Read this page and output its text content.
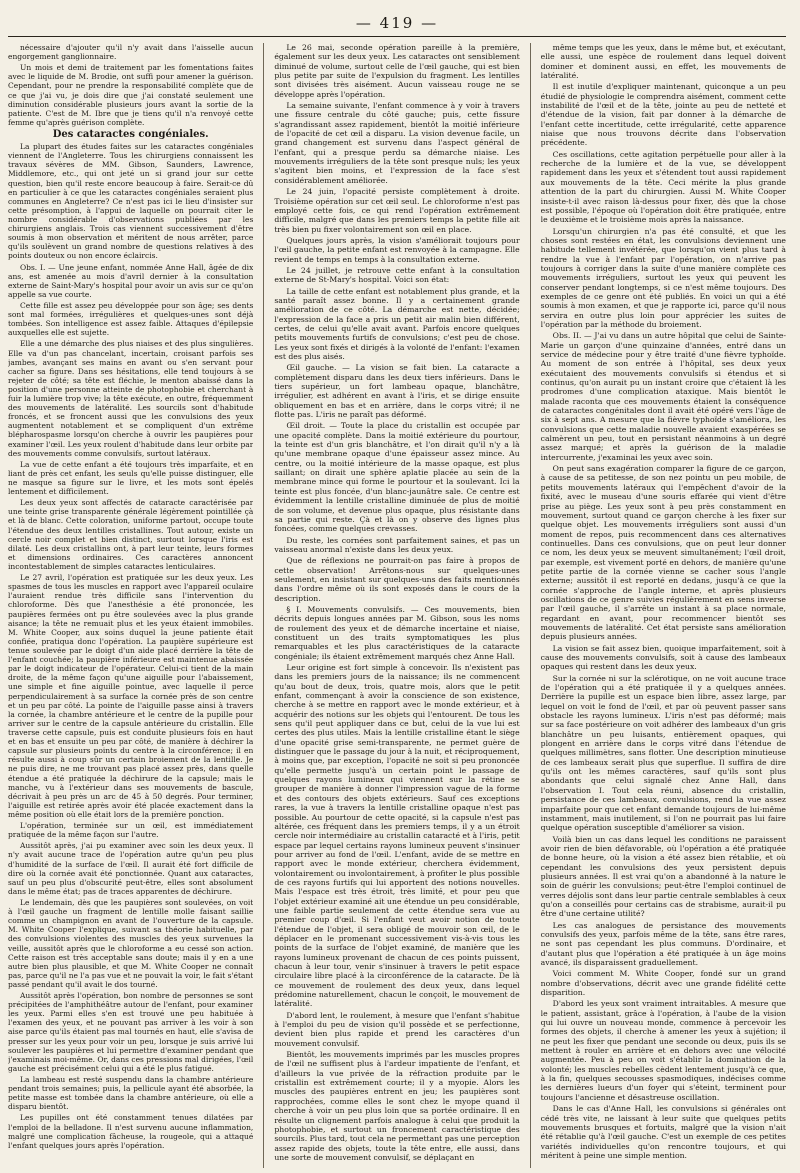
— 419 —

nécessaire d'ajouter qu'il n'y avait dans l'aisselle aucun engorgement ganglionnaire.

Un mois et demi de traitement par les fomentations faites avec le liquide de M. Brodie, ont suffi pour amener la guérison. Cependant, pour ne prendre la responsabilité complète que de ce que j'ai vu, je dois dire que j'ai constaté seulement une diminution considérable plusieurs jours avant la sortie de la patiente. C'est de M. Ibre que je tiens qu'il n'a renvoyé cette femme qu'après guérison complète.

Des cataractes congéniales.

La plupart des études faites sur les cataractes congéniales viennent de l'Angleterre. Tous les chirurgiens connaissent les travaux sévères de MM. Gibson, Saunders, Lawrence, Middlemore, etc., qui ont jeté un si grand jour sur cette question, bien qu'il reste encore beaucoup à faire. Serait-ce dû en particulier à ce que les cataractes congéniales seraient plus communes en Angleterre? Ce n'est pas ici le lieu d'insister sur cette présomption, à l'appui de laquelle on pourrait citer le nombre considérable d'observations publiées par les chirurgiens anglais. Trois cas viennent successivement d'être soumis à mon observation et méritent de nous arrêter, parce qu'ils soulèvent un grand nombre de questions relatives à des points douteux ou non encore éclaircis.

Obs. I. — Une jeune enfant, nommée Anne Hall, âgée de dix ans, est amenée au mois d'avril dernier à la consultation externe de Saint-Mary's hospital pour avoir un avis sur ce qu'on appelle sa vue courte.

Cette fille est assez peu développée pour son âge; ses dents sont mal formées, irrégulières et quelques-unes sont déjà tombées. Son intelligence est assez faible. Attaques d'épilepsie auxquelles elle est sujette.

Elle a une démarche des plus niaises et des plus singulières. Elle va d'un pas chancelant, incertain, croisant parfois ses jambes, avançant ses mains en avant ou s'en servant pour cacher sa figure. Dans ses hésitations, elle tend toujours à se rejeter de côté; sa tête est fléchie, le menton abaissé dans la position d'une personne atteinte de photophobie et cherchant à fuir la lumière trop vive; la tête exécute, en outre, fréquemment des mouvements de latéralité. Les sourcils sont d'habitude froncés, et se froncent aussi que les convulsions des yeux augmentent notablement et se compliquent d'un extrême blépharospasme lorsqu'on cherche à ouvrir les paupières pour examiner l'œil. Les yeux roulent d'habitude dans leur orbite par des mouvements comme convulsifs, surtout latéraux.

La vue de cette enfant a été toujours très imparfaite, et en liant de près cet enfant, les seuls qu'elle puisse distinguer, elle ne masque sa figure sur le livre, et les mots sont épelés lentement et difficilement.

Les deux yeux sont affectés de cataracte caractérisée par une teinte grise transparente générale légèrement pointillée çà et là de blanc. Cette coloration, uniforme partout, occupe toute l'étendue des deux lentilles cristallines. Tout autour, existe un cercle noir complet et bien distinct, surtout lorsque l'iris est dilaté. Les deux cristallins ont, à part leur teinte, leurs formes et dimensions ordinaires. Ces caractères annoncent incontestablement de simples cataractes lenticulaires.

Le 27 avril, l'opération est pratiquée sur les deux yeux. Les spasmes de tous les muscles en rapport avec l'appareil oculaire l'auraient rendue très difficile sans l'intervention du chloroforme. Dès que l'anesthésie a été prononcée, les paupières fermées ont pu être soulevées avec la plus grande aisance; la tête ne remuait plus et les yeux étaient immobiles. M. White Cooper, aux soins duquel la jeune patiente était confiée, pratiqua donc l'opération. La paupière supérieure est tenue soulevée par le doigt d'un aide placé derrière la tête de l'enfant couchée; la paupière inférieure est maintenue abaissée par le doigt indicateur de l'opérateur. Celui-ci tient de la main droite, de la même façon qu'une aiguille pour l'abaissement, une simple et fine aiguille pointue, avec laquelle il perce perpendiculairement à sa surface la cornée près de son centre et un peu par côté. La pointe de l'aiguille passe ainsi à travers la cornée, la chambre antérieure et le centre de la pupille pour arriver sur le centre de la capsule antérieure du cristallin. Elle traverse cette capsule, puis est conduite plusieurs fois en haut et en bas et ensuite un peu par côté, de manière à déchirer la capsule sur plusieurs points du centre à la circonférence; il en résulte aussi à coup sûr un certain broiement de la lentille. Je ne puis dire, ne me trouvant pas placé assez près, dans quelle étendue a été pratiquée la déchirure de la capsule; mais le manche, vu à l'extérieur dans ses mouvements de bascule, décrivait à peu près un arc de 45 à 50 degrés. Pour terminer, l'aiguille est retirée après avoir été placée exactement dans la même position où elle était lors de la première ponction.

L'opération, terminée sur un œil, est immédiatement pratiquée de la même façon sur l'autre.

Aussitôt après, j'ai pu examiner avec soin les deux yeux. Il n'y avait aucune trace de l'opération autre qu'un peu plus d'humidité de la surface de l'œil. Il aurait été fort difficile de dire où la cornée avait été ponctionnée. Quant aux cataractes, sauf un peu plus d'obscurité peut-être, elles sont absolument dans le même état; pas de traces apparentes de déchirure.

Le lendemain, dès que les paupières sont soulevées, on voit à l'œil gauche un fragment de lentille molle faisant saillie comme un champignon en avant de l'ouverture de la capsule. M. White Cooper l'explique, suivant sa théorie habituelle, par des convulsions violentes des muscles des yeux survenues la veille, aussitôt après que le chloroforme a eu cessé son action. Cette raison est très acceptable sans doute; mais il y en a une autre bien plus plausible, et que M. White Cooper ne connaît pas, parce qu'il ne l'a pas vue et ne pouvait la voir, le fait s'étant passé pendant qu'il avait le dos tourné.

Aussitôt après l'opération, bon nombre de personnes se sont précipitées de l'amphithéâtre autour de l'enfant, pour examiner les yeux. Parmi elles s'en est trouvé une peu habituée à l'examen des yeux, et ne pouvant pas arriver à les voir à son aise parce qu'ils étaient pas mal tournés en haut, elle s'avisa de presser sur les yeux pour voir un peu, lorsque je suis arrivé lui soulever les paupières et lui permettre d'examiner pendant que j'examinais moi-même. Or, dans ces pressions mal dirigées, l'œil gauche est précisément celui qui a été le plus fatigué.

La lambeau est resté suspendu dans la chambre antérieure pendant trois semaines; puis, la pellicule ayant été absorbée, la petite masse est tombée dans la chambre antérieure, où elle a disparu bientôt.

Les pupilles ont été constamment tenues dilatées par l'emploi de la belladone. Il n'est survenu aucune inflammation, malgré une complication fâcheuse, la rougeole, qui a attaqué l'enfant quelques jours après l'opération.

Le 26 mai, seconde opération pareille à la première, également sur les deux yeux. Les cataractes ont sensiblement diminué de volume, surtout celle de l'œil gauche, qui est bien plus petite par suite de l'expulsion du fragment. Les lentilles sont divisées très aisément. Aucun vaisseau rouge ne se développe après l'opération.

La semaine suivante, l'enfant commence à y voir à travers une fissure centrale du côté gauche; puis, cette fissure s'agrandissant assez rapidement, bientôt la moitié inférieure de l'opacité de cet œil a disparu. La vision devenue facile, un grand changement est survenu dans l'aspect général de l'enfant, qui a presque perdu sa démarche niaise. Les mouvements irréguliers de la tête sont presque nuls; les yeux s'agitent bien moins, et l'expression de la face s'est considérablement améliorée.

Le 24 juin, l'opacité persiste complètement à droite. Troisième opération sur cet œil seul. Le chloroforme n'est pas employé cette fois, ce qui rend l'opération extrêmement difficile, malgré que dans les premiers temps la petite fille ait très bien pu fixer volontairement son œil en place.

Quelques jours après, la vision s'améliorait toujours pour l'œil gauche, la petite enfant est renvoyée à la campagne. Elle revient de temps en temps à la consultation externe.

Le 24 juillet, je retrouve cette enfant à la consultation externe de St-Mary's hospital. Voici son état:

La taille de cette enfant est notablement plus grande, et la santé paraît assez bonne. Il y a certainement grande amélioration de ce côté. La démarche est nette, décidée; l'expression de la face a pris un petit air malin bien différent, certes, de celui qu'elle avait avant. Parfois encore quelques petits mouvements furtifs de convulsions; c'est peu de chose. Les yeux sont fixés et dirigés à la volonté de l'enfant: l'examen est des plus aisés.

Œil gauche. — La vision se fait bien. La cataracte a complètement disparu dans les deux tiers inférieurs. Dans le tiers supérieur, un fort lambeau opaque, blanchâtre, irrégulier, est adhérent en avant à l'iris, et se dirige ensuite obliquement en bas et en arrière, dans le corps vitré; il ne flotte pas. L'iris ne paraît pas déformé.

Œil droit. — Toute la place du cristallin est occupée par une opacité complète. Dans la moitié extérieure du pourtour, la teinte est d'un gris blanchâtre, et l'on dirait qu'il n'y a là qu'une membrane opaque d'une épaisseur assez mince. Au centre, ou la moitié intérieure de la masse opaque, est plus saillant; on dirait une sphère aplatie placée au sein de la membrane mince qui forme le pourtour et la soulevant. Ici la teinte est plus foncée, d'un blanc-jaunâtre sale. Ce centre est évidemment la lentille cristalline diminuée de plus de moitié de son volume, et devenue plus opaque, plus résistante dans sa partie qui reste. Çà et là on y observe des lignes plus foncées, comme quelques crevasses.

Du reste, les cornées sont parfaitement saines, et pas un vaisseau anormal n'existe dans les deux yeux.

Que de réflexions ne pourrait-on pas faire à propos de cette observation! Arrêtons-nous sur quelques-unes seulement, en insistant sur quelques-uns des faits mentionnés dans l'ordre même où ils sont exposés dans le cours de la description.

§ I. Mouvements convulsifs. — Ces mouvements, bien décrits depuis longues années par M. Gibson, sous les noms de roulement des yeux et de démarche incertaine et niaise, constituent un des traits symptomatiques les plus remarquables et les plus caractéristiques de la cataracte congéniale; ils étaient extrêmement marqués chez Anne Hall.

Leur origine est fort simple à concevoir. Ils n'existent pas dans les premiers jours de la naissance; ils ne commencent qu'au bout de deux, trois, quatre mois, alors que le petit enfant, commençant à avoir la conscience de son existence, cherche à se mettre en rapport avec le monde extérieur, et à acquérir des notions sur les objets qui l'entourent. De tous les sens qu'il peut appliquer dans ce but, celui de la vue lui est certes des plus utiles. Mais la lentille cristalline étant le siège d'une opacité grise semi-transparente, ne permet guère de distinguer que le passage du jour à la nuit, et réciproquement, à moins que, par exception, l'opacité ne soit si peu prononcée qu'elle permette jusqu'à un certain point le passage de quelques rayons lumineux qui viennent sur la rétine se grouper de manière à donner l'impression vague de la forme et des contours des objets extérieurs. Sauf ces exceptions rares, la vue à travers la lentille cristalline opaque n'est pas possible. Au pourtour de cette opacité, si la capsule n'est pas altérée, ces fréquent dans les premiers temps, il y a un étroit cercle noir intermédiaire au cristallin cataracté et à l'iris, petit espace par lequel certains rayons lumineux peuvent s'insinuer pour arriver au fond de l'œil. L'enfant, avide de se mettre en rapport avec le monde extérieur, cherchera évidemment, volontairement ou involontairement, à profiter le plus possible de ces rayons furtifs qui lui apportent des notions nouvelles. Mais l'espace est très étroit, très limité, et pour peu que l'objet extérieur examiné ait une étendue un peu considérable, une faible partie seulement de cette étendue sera vue au premier coup d'œil. Si l'enfant veut avoir notion de toute l'étendue de l'objet, il sera obligé de mouvoir son œil, de le déplacer en le promenant successivement vis-à-vis tous les points de la surface de l'objet examiné, de manière que les rayons lumineux provenant de chacun de ces points puissent, chacun à leur tour, venir s'insinuer à travers le petit espace circulaire libre placé à la circonférence de la cataracte. De là ce mouvement de roulement des deux yeux, dans lequel prédomine naturellement, chacun le conçoit, le mouvement de latéralité.

D'abord lent, le roulement, à mesure que l'enfant s'habitue à l'emploi du peu de vision qu'il possède et se perfectionne, devient bien plus rapide et prend les caractères d'un mouvement convulsif.

Bientôt, les mouvements imprimés par les muscles propres de l'œil ne suffisent plus à l'ardeur impatiente de l'enfant, et d'ailleurs la vue privée de la réfraction produite par le cristallin est extrêmement courte; il y a myopie. Alors les muscles des paupières entrent en jeu; les paupières sont rapprochées, comme elles le sont chez le myope quand il cherche à voir un peu plus loin que sa portée ordinaire. Il en résulte un clignement parfois analogue à celui que produit la photophobie, et surtout un froncement caractéristique des sourcils. Plus tard, tout cela ne permettant pas une perception assez rapide des objets, toute la tête entre, elle aussi, dans une sorte de mouvement convulsif, se déplaçant en

même temps que les yeux, dans le même but, et exécutant, elle aussi, une espèce de roulement dans lequel doivent dominer et dominent aussi, en effet, les mouvements de latéralité.

Il est inutile d'expliquer maintenant, quiconque a un peu étudié de physiologie le comprendra aisément, comment cette instabilité de l'œil et de la tête, jointe au peu de netteté et d'étendue de la vision, fait par donner à la démarche de l'enfant cette incertitude, cette irrégularité, cette apparence niaise que nous trouvons décrite dans l'observation précédente.

Ces oscillations, cette agitation perpétuelle pour aller à la recherche de la lumière et de la vue, se développent rapidement dans les yeux et s'étendent tout aussi rapidement aux mouvements de la tête. Ceci mérite la plus grande attention de la part du chirurgien. Aussi M. White Cooper insiste-t-il avec raison là-dessus pour fixer, dès que la chose est possible, l'époque où l'opération doit être pratiquée, entre le deuxième et le troisième mois après la naissance.

Lorsqu'un chirurgien n'a pas été consulté, et que les choses sont restées en état, les convulsions deviennent une habitude tellement invétérée, que lorsqu'on vient plus tard à rendre la vue à l'enfant par l'opération, on n'arrive pas toujours à corriger dans la suite d'une manière complète ces mouvements irréguliers, surtout les yeux qui peuvent les conserver pendant longtemps, si ce n'est même toujours. Des exemples de ce genre ont été publiés. En voici un qui a été soumis à mon examen, et que je rapporte ici, parce qu'il nous servira en outre plus loin pour apprécier les suites de l'opération par la méthode du broiement.

Obs. II. — J'ai vu dans un autre hôpital que celui de Sainte-Marie un garçon d'une quinzaine d'années, entré dans un service de médecine pour y être traité d'une fièvre typhoïde. Au moment de son entrée à l'hôpital, ses deux yeux exécutaient des mouvements convulsifs si étendus et si continus, qu'on aurait pu un instant croire que c'étaient là les prodromes d'une complication ataxique. Mais bientôt le malade raconta que ces mouvements étaient la conséquence de cataractes congénitales dont il avait été opéré vers l'âge de six à sept ans. A mesure que la fièvre typhoïde s'améliora, les convulsions que cette maladie nouvelle avaient exaspérées se calmèrent un peu, tout en persistant néanmoins à un degré assez marqué; et après la guérison de la maladie intercurrente, j'examinai les yeux avec soin.

On peut sans exagération comparer la figure de ce garçon, à cause de sa petitesse, de son nez pointu un peu mobile, de petits mouvements latéraux qui l'empêchent d'avoir de la fixité, avec le museau d'une souris effarée qui vient d'être prise au piège. Les yeux sont à peu près constamment en mouvement, surtout quand ce garçon cherche à les fixer sur quelque objet. Les mouvements irréguliers sont aussi d'un moment de repos, puis recommencent dans ces alternatives continuelles. Dans ces convulsions, que on peut leur donner ce nom, les deux yeux se meuvent simultanément; l'œil droit, par exemple, est vivement porté en dehors, de manière qu'une petite partie de la cornée vienne se cacher sous l'angle externe; aussitôt il est reporté en dedans, jusqu'à ce que la cornée s'approche de l'angle interne, et après plusieurs oscillations de ce genre suivies régulièrement en sens inverse par l'œil gauche, il s'arrête un instant à sa place normale, regardant en avant, pour recommencer bientôt ses mouvements de latéralité. Cet état persiste sans amélioration depuis plusieurs années.

La vision se fait assez bien, quoique imparfaitement, soit à cause des mouvements convulsifs, soit à cause des lambeaux opaques qui restent dans les deux yeux.

Sur la cornée ni sur la sclérotique, on ne voit aucune trace de l'opération qui a été pratiquée il y a quelques années. Derrière la pupille est un espace bien libre, assez large, par lequel on voit le fond de l'œil, et par où peuvent passer sans obstacle les rayons lumineux. L'iris n'est pas déformé; mais sur sa face postérieure on voit adhérer des lambeaux d'un gris blanchâtre un peu luisants, entièrement opaques, qui plongent en arrière dans le corps vitré dans l'étendue de quelques millimètres, sans flotter. Une description minutieuse de ces lambeaux serait plus que superflue. Il suffira de dire qu'ils ont les mêmes caractères, sauf qu'ils sont plus abondants que celui signalé chez Anne Hall, dans l'observation I. Tout cela réuni, absence du cristallin, persistance de ces lambeaux, convulsions, rend la vue assez imparfaite pour que cet enfant demande toujours de lui-même instamment, mais inutilement, si l'on ne pourrait pas lui faire quelque opération susceptible d'améliorer sa vision.

Voilà bien un cas dans lequel les conditions ne paraissent avoir rien de bien défavorable, où l'opération a été pratiquée de bonne heure, où la vision a été assez bien rétablie, et où cependant les convulsions des yeux persistent depuis plusieurs années. Il est vrai qu'on a abandonné à la nature le soin de guérir les convulsions; peut-être l'emploi continuel de verres déjolis sont dans leur partie centrale semblables à ceux qu'on a conseillés pour certains cas de strabisme, aurait-il pu être d'une certaine utilité?

Les cas analogues de persistance des mouvements convulsifs des yeux, parfois même de la tête, sans être rares, ne sont pas cependant les plus communs. D'ordinaire, et d'autant plus que l'opération a été pratiquée à un âge moins avancé, ils disparaissent graduellement.

Voici comment M. White Cooper, fondé sur un grand nombre d'observations, décrit avec une grande fidélité cette disparition.

D'abord les yeux sont vraiment intraitables. A mesure que le patient, assistant, grâce à l'opération, à l'aube de la vision qui lui ouvre un nouveau monde, commence à percevoir les formes des objets, il cherche à amener les yeux à sujétion; il ne peut les fixer que pendant une seconde ou deux, puis ils se mettent à rouler en arrière et en dehors avec une vélocité augmentée. Peu à peu on voit s'établir la domination de la volonté; les muscles rebelles cèdent lentement jusqu'à ce que, à la fin, quelques secousses spasmodiques, indécises comme les dernières lueurs d'un foyer qui s'éteint, terminent pour toujours l'ancienne et désastreuse oscillation.

Dans le cas d'Anne Hall, les convulsions si générales ont cédé très vite, ne laissant à leur suite que quelques petits mouvements brusques et fortuits, malgré que la vision n'ait été rétablie qu'à l'œil gauche. C'est un exemple de ces petites variétés individuelles qu'on rencontre toujours, et qui méritent à peine une simple mention.
